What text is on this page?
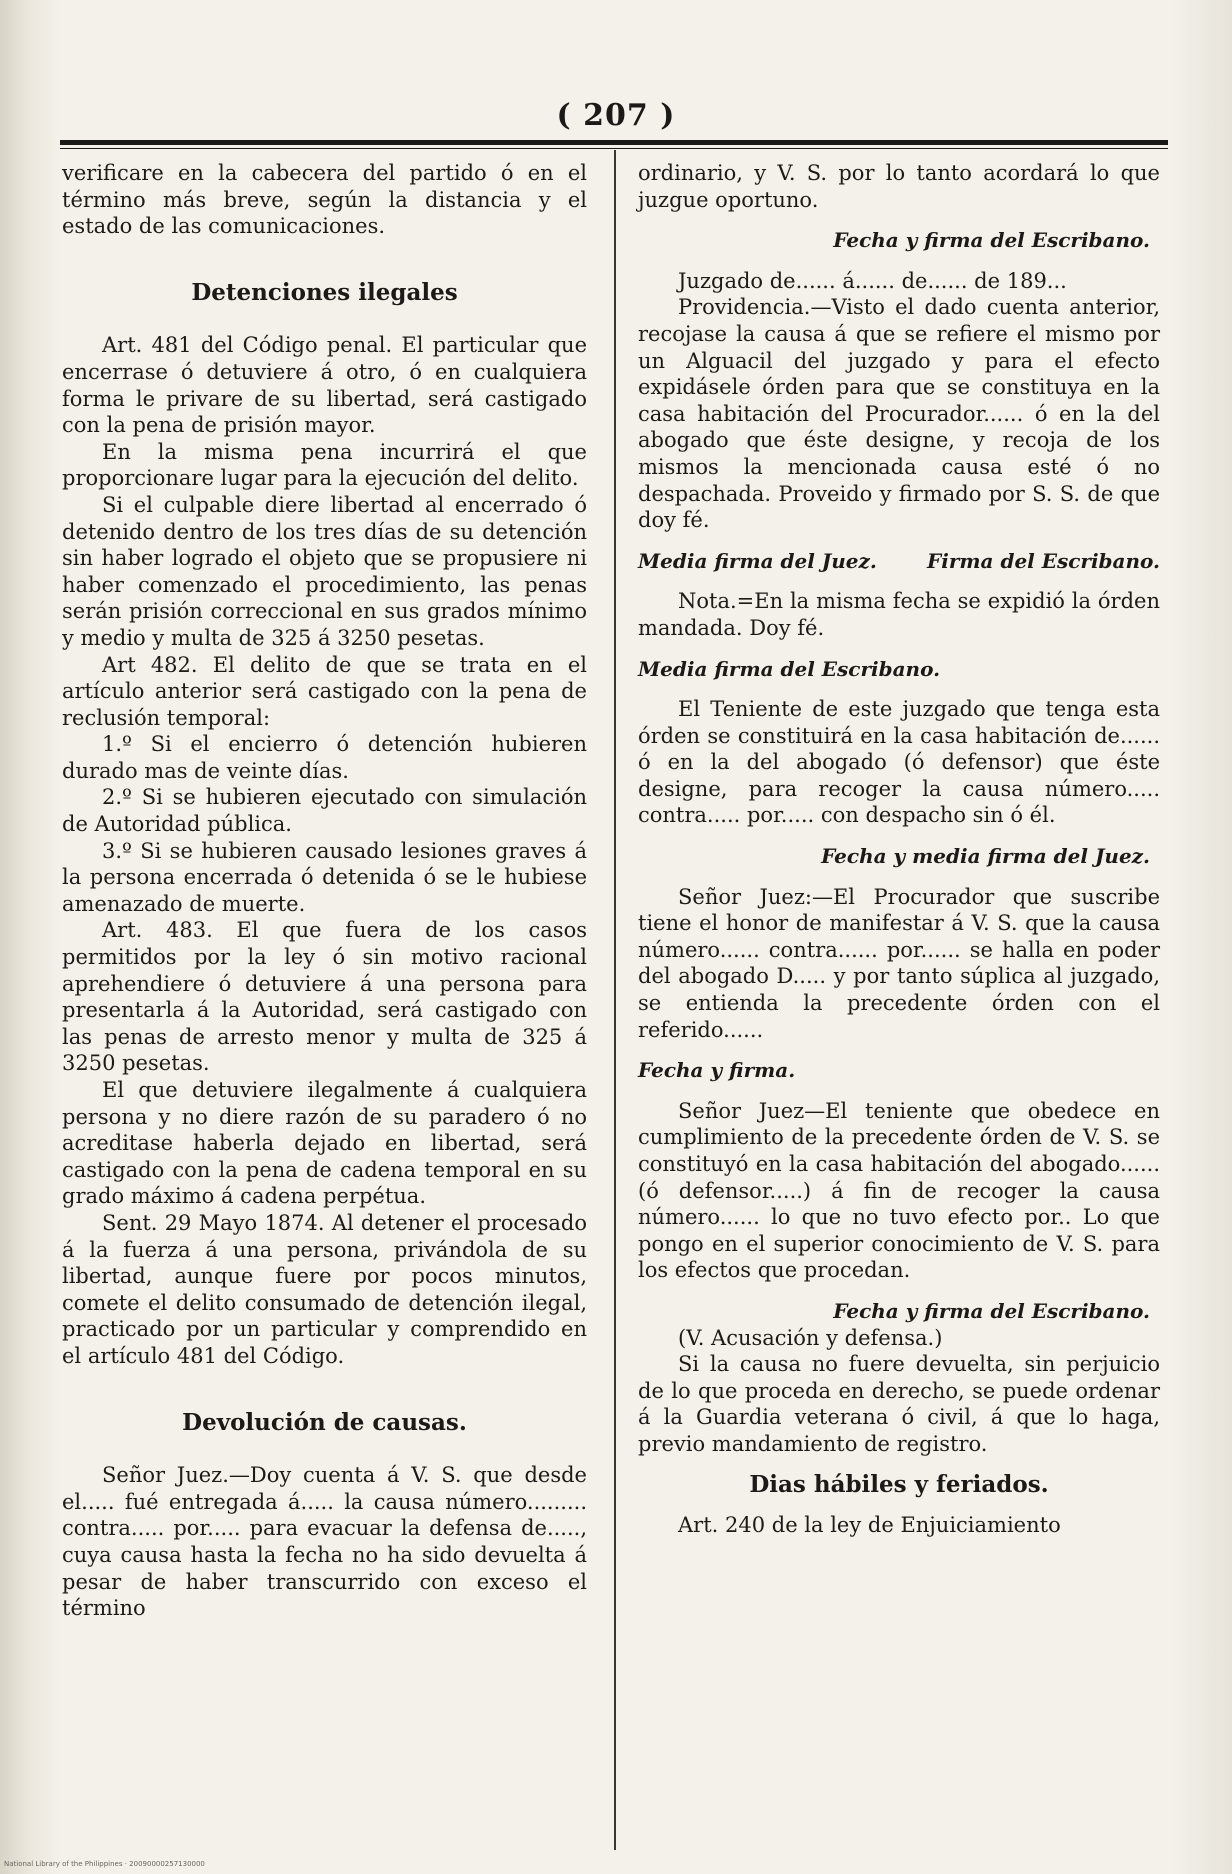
( 207 )

verificare en la cabecera del partido ó en el término más breve, según la distancia y el estado de las comunicaciones.

Detenciones ilegales

Art. 481 del Código penal. El particular que encerrase ó detuviere á otro, ó en cualquiera forma le privare de su libertad, será castigado con la pena de prisión mayor.

En la misma pena incurrirá el que proporcionare lugar para la ejecución del delito.

Si el culpable diere libertad al encerrado ó detenido dentro de los tres días de su detención sin haber logrado el objeto que se propusiere ni haber comenzado el procedimiento, las penas serán prisión correccional en sus grados mínimo y medio y multa de 325 á 3250 pesetas.

Art 482. El delito de que se trata en el artículo anterior será castigado con la pena de reclusión temporal:

1.º Si el encierro ó detención hubieren durado mas de veinte días.

2.º Si se hubieren ejecutado con simulación de Autoridad pública.

3.º Si se hubieren causado lesiones graves á la persona encerrada ó detenida ó se le hubiese amenazado de muerte.

Art. 483. El que fuera de los casos permitidos por la ley ó sin motivo racional aprehendiere ó detuviere á una persona para presentarla á la Autoridad, será castigado con las penas de arresto menor y multa de 325 á 3250 pesetas.

El que detuviere ilegalmente á cualquiera persona y no diere razón de su paradero ó no acreditase haberla dejado en libertad, será castigado con la pena de cadena temporal en su grado máximo á cadena perpétua.

Sent. 29 Mayo 1874. Al detener el procesado á la fuerza á una persona, privándola de su libertad, aunque fuere por pocos minutos, comete el delito consumado de detención ilegal, practicado por un particular y comprendido en el artículo 481 del Código.

Devolución de causas.

Señor Juez.—Doy cuenta á V. S. que desde el..... fué entregada á..... la causa número......... contra..... por..... para evacuar la defensa de....., cuya causa hasta la fecha no ha sido devuelta á pesar de haber transcurrido con exceso el término

ordinario, y V. S. por lo tanto acordará lo que juzgue oportuno.

Fecha y firma del Escribano.

Juzgado de...... á...... de...... de 189...

Providencia.—Visto el dado cuenta anterior, recojase la causa á que se refiere el mismo por un Alguacil del juzgado y para el efecto expidásele órden para que se constituya en la casa habitación del Procurador...... ó en la del abogado que éste designe, y recoja de los mismos la mencionada causa esté ó no despachada. Proveido y firmado por S. S. de que doy fé.

Media firma del Juez.	Firma del Escribano.

Nota.=En la misma fecha se expidió la órden mandada. Doy fé.

Media firma del Escribano.

El Teniente de este juzgado que tenga esta órden se constituirá en la casa habitación de...... ó en la del abogado (ó defensor) que éste designe, para recoger la causa número..... contra..... por..... con despacho sin ó él.

Fecha y media firma del Juez.

Señor Juez:—El Procurador que suscribe tiene el honor de manifestar á V. S. que la causa número...... contra...... por...... se halla en poder del abogado D..... y por tanto súplica al juzgado, se entienda la precedente órden con el referido......

Fecha y firma.

Señor Juez—El teniente que obedece en cumplimiento de la precedente órden de V. S. se constituyó en la casa habitación del abogado...... (ó defensor.....) á fin de recoger la causa número...... lo que no tuvo efecto por.. Lo que pongo en el superior conocimiento de V. S. para los efectos que procedan.

Fecha y firma del Escribano.

(V. Acusación y defensa.)

Si la causa no fuere devuelta, sin perjuicio de lo que proceda en derecho, se puede ordenar á la Guardia veterana ó civil, á que lo haga, previo mandamiento de registro.

Dias hábiles y feriados.

Art. 240 de la ley de Enjuiciamiento

National Library of the Philippines · 20090000257130000
